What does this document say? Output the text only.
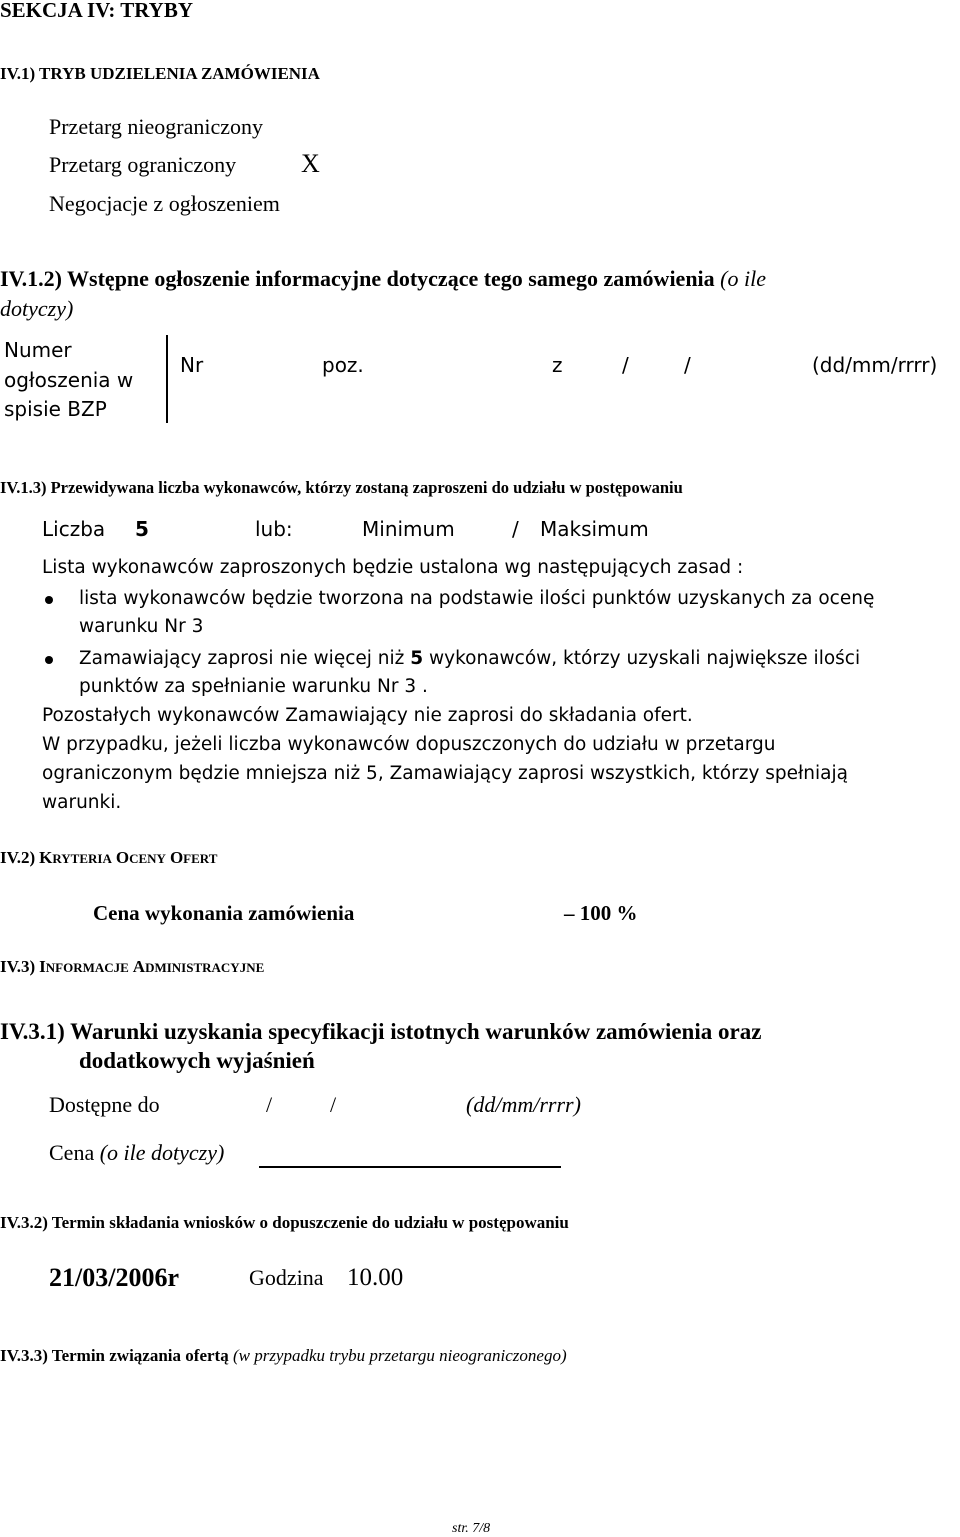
SEKCJA IV: TRYBY
IV.1) TRYB UDZIELENIA ZAMÓWIENIA
Przetarg nieograniczony
Przetarg ograniczony X
Negocjacje z ogłoszeniem
IV.1.2) Wstępne ogłoszenie informacyjne dotyczące tego samego zamówienia (o ile
dotyczy)
Numer
ogłoszenia w
spisie BZP
Nr	poz.	z	/	/	(dd/mm/rrrr)
IV.1.3) Przewidywana liczba wykonawców, którzy zostaną zaproszeni do udziału w postępowaniu
Liczba 5	lub:	Minimum	/ Maksimum
Lista wykonawców zaproszonych będzie ustalona wg następujących zasad :
lista wykonawców będzie tworzona na podstawie ilości punktów uzyskanych za ocenę
warunku Nr 3
Zamawiający zaprosi nie więcej niż 5 wykonawców, którzy uzyskali największe ilości
punktów za spełnianie warunku Nr 3 .
Pozostałych wykonawców Zamawiający nie zaprosi do składania ofert.
W przypadku, jeżeli liczba wykonawców dopuszczonych do udziału w przetargu
ograniczonym będzie mniejsza niż 5, Zamawiający zaprosi wszystkich, którzy spełniają
warunki.
IV.2) KRYTERIA OCENY OFERT
Cena wykonania zamówienia	– 100 %
IV.3) INFORMACJE ADMINISTRACYJNE
IV.3.1) Warunki uzyskania specyfikacji istotnych warunków zamówienia oraz
dodatkowych wyjaśnień
Dostępne do	/	/	(dd/mm/rrrr)
Cena (o ile dotyczy)
IV.3.2) Termin składania wniosków o dopuszczenie do udziału w postępowaniu
21/03/2006r	Godzina 10.00
IV.3.3) Termin związania ofertą (w przypadku trybu przetargu nieograniczonego)
str. 7/8
